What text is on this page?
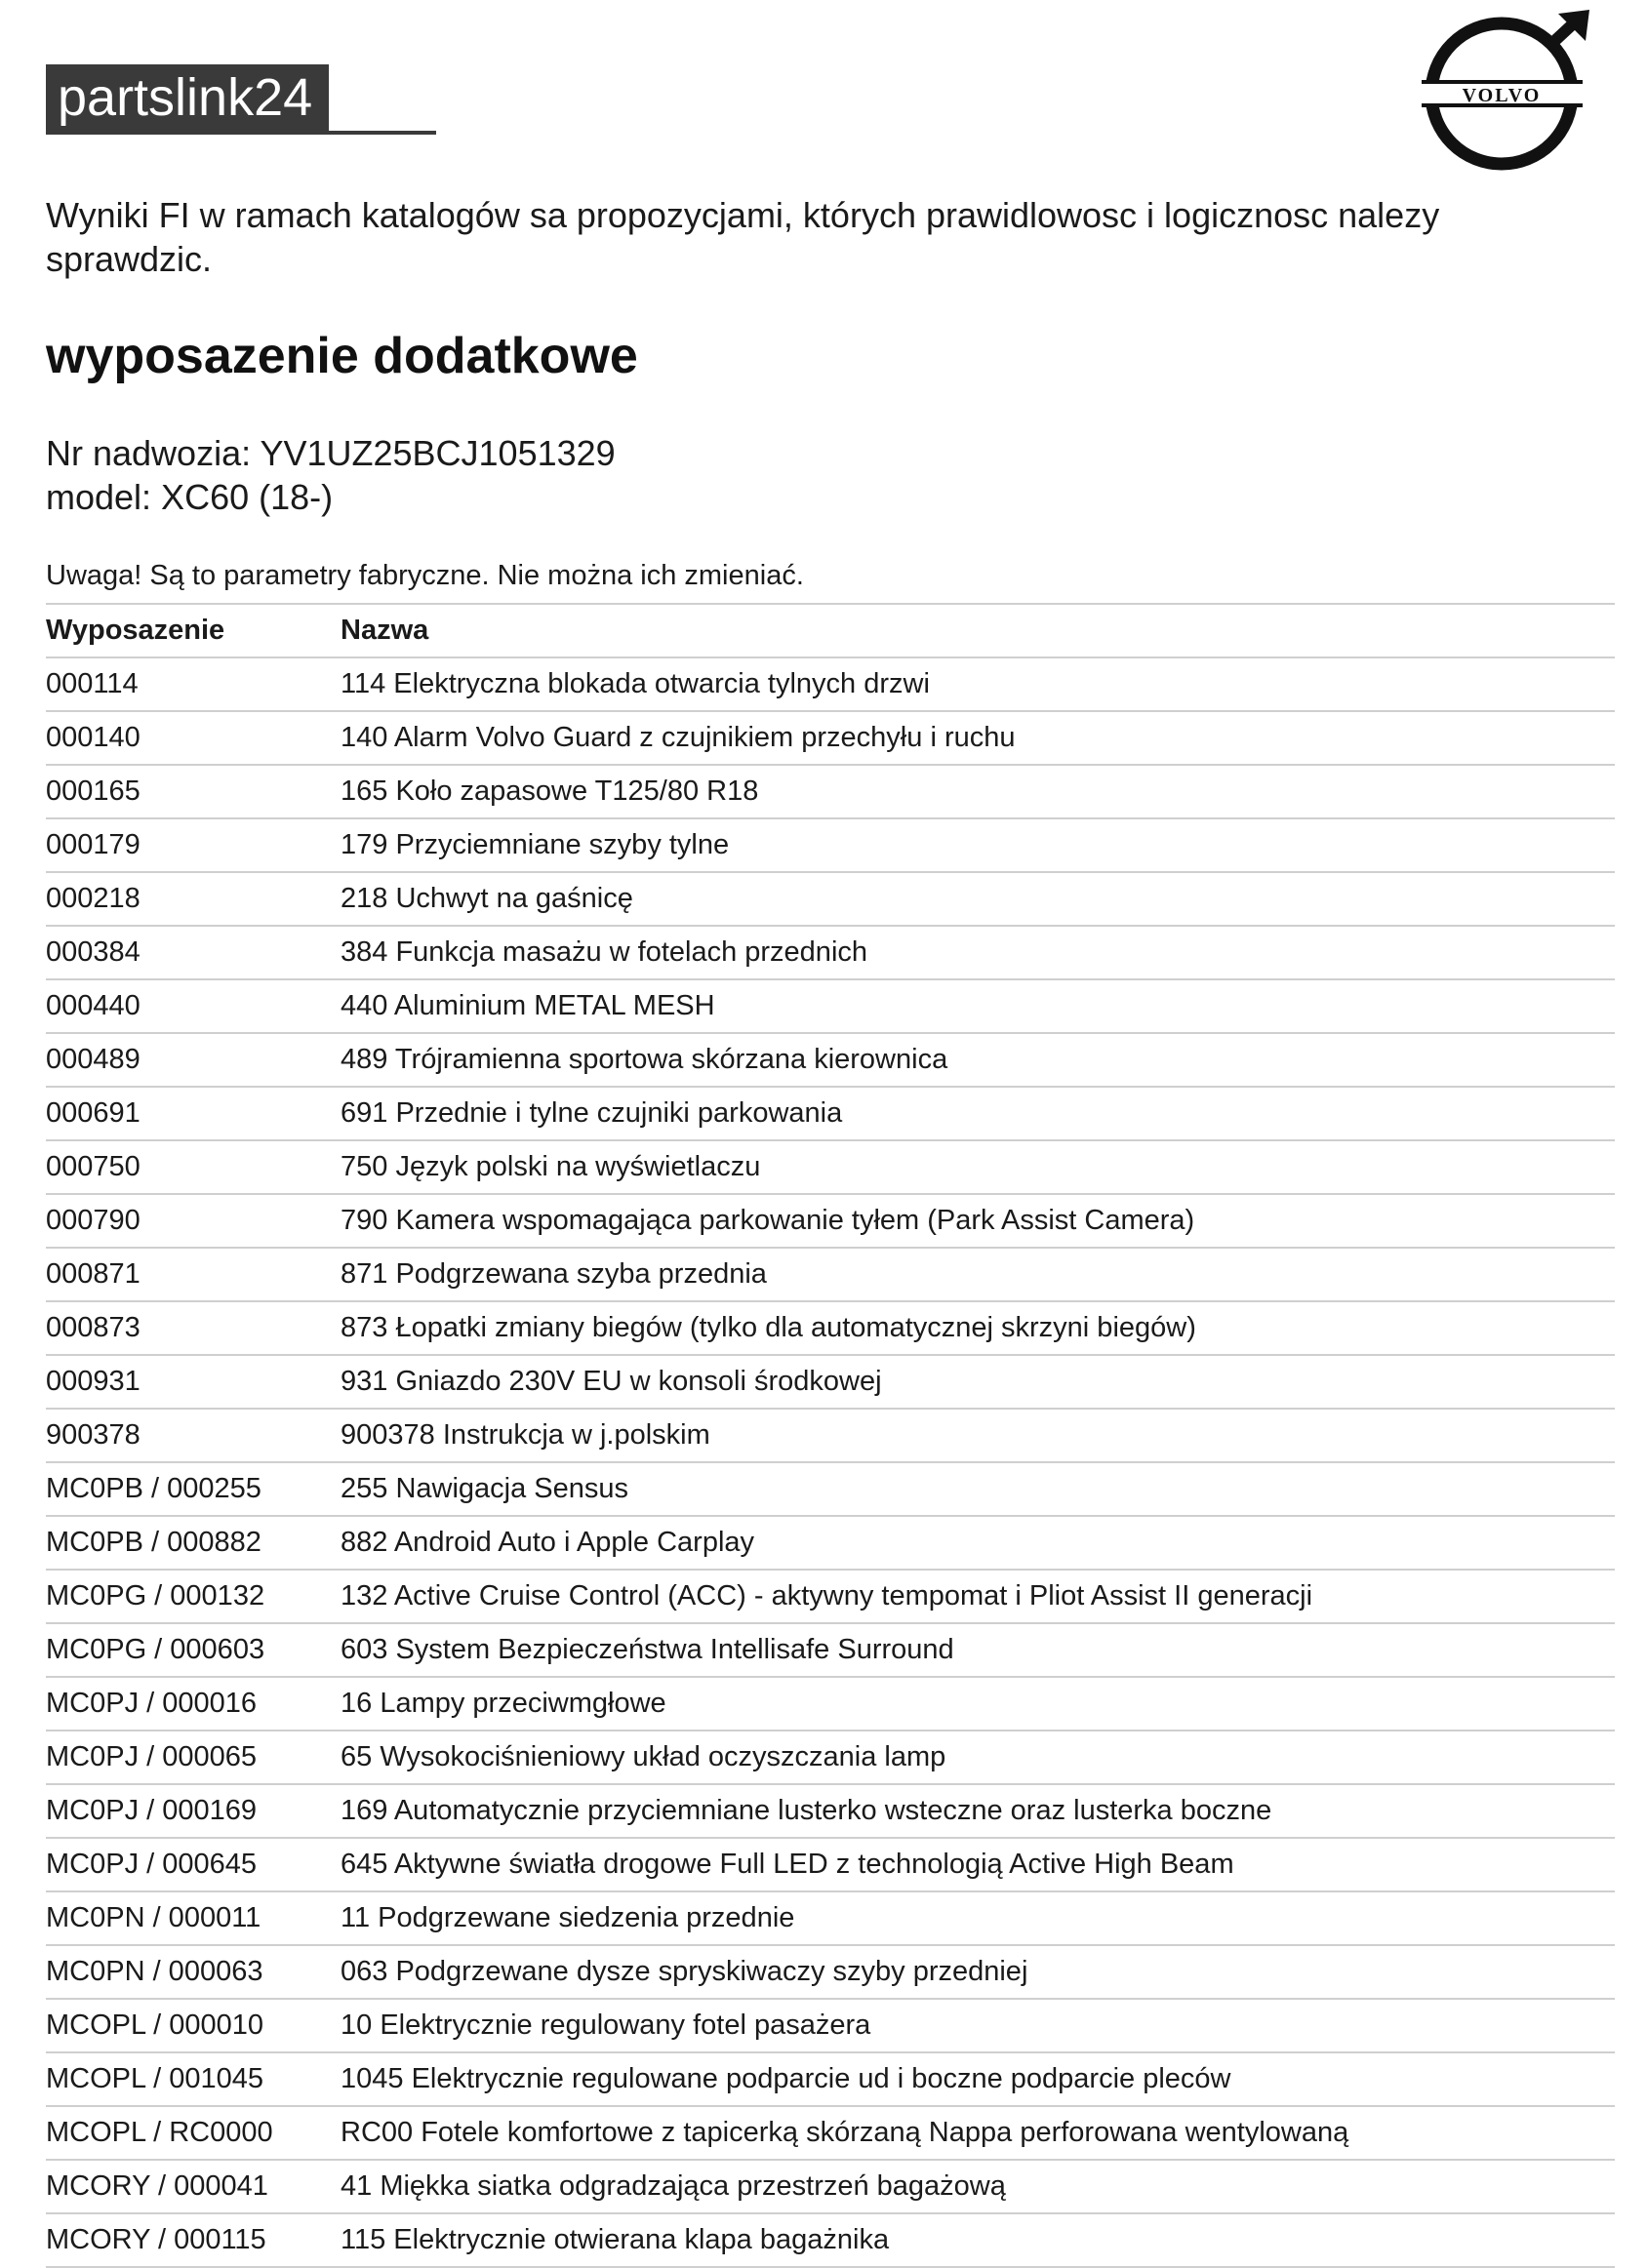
partslink24	VOLVO
Wyniki FI w ramach katalogów sa propozycjami, których prawidlowosc i logicznosc nalezy sprawdzic.
wyposazenie dodatkowe
Nr nadwozia: YV1UZ25BCJ1051329
model: XC60 (18-)
Uwaga! Są to parametry fabryczne. Nie można ich zmieniać.
Wyposazenie	Nazwa
000114	114 Elektryczna blokada otwarcia tylnych drzwi
000140	140 Alarm Volvo Guard z czujnikiem przechyłu i ruchu
000165	165 Koło zapasowe T125/80 R18
000179	179 Przyciemniane szyby tylne
000218	218 Uchwyt na gaśnicę
000384	384 Funkcja masażu w fotelach przednich
000440	440 Aluminium METAL MESH
000489	489 Trójramienna sportowa skórzana kierownica
000691	691 Przednie i tylne czujniki parkowania
000750	750 Język polski na wyświetlaczu
000790	790 Kamera wspomagająca parkowanie tyłem (Park Assist Camera)
000871	871 Podgrzewana szyba przednia
000873	873 Łopatki zmiany biegów (tylko dla automatycznej skrzyni biegów)
000931	931 Gniazdo 230V EU w konsoli środkowej
900378	900378 Instrukcja w j.polskim
MC0PB / 000255	255 Nawigacja Sensus
MC0PB / 000882	882 Android Auto i Apple Carplay
MC0PG / 000132	132 Active Cruise Control (ACC) - aktywny tempomat i Pliot Assist II generacji
MC0PG / 000603	603 System Bezpieczeństwa Intellisafe Surround
MC0PJ / 000016	16 Lampy przeciwmgłowe
MC0PJ / 000065	65 Wysokociśnieniowy układ oczyszczania lamp
MC0PJ / 000169	169 Automatycznie przyciemniane lusterko wsteczne oraz lusterka boczne
MC0PJ / 000645	645 Aktywne światła drogowe Full LED z technologią Active High Beam
MC0PN / 000011	11 Podgrzewane siedzenia przednie
MC0PN / 000063	063 Podgrzewane dysze spryskiwaczy szyby przedniej
MCOPL / 000010	10 Elektrycznie regulowany fotel pasażera
MCOPL / 001045	1045 Elektrycznie regulowane podparcie ud i boczne podparcie pleców
MCOPL / RC0000	RC00 Fotele komfortowe z tapicerką skórzaną Nappa perforowana wentylowaną
MCORY / 000041	41 Miękka siatka odgradzająca przestrzeń bagażową
MCORY / 000115	115 Elektrycznie otwierana klapa bagażnika
